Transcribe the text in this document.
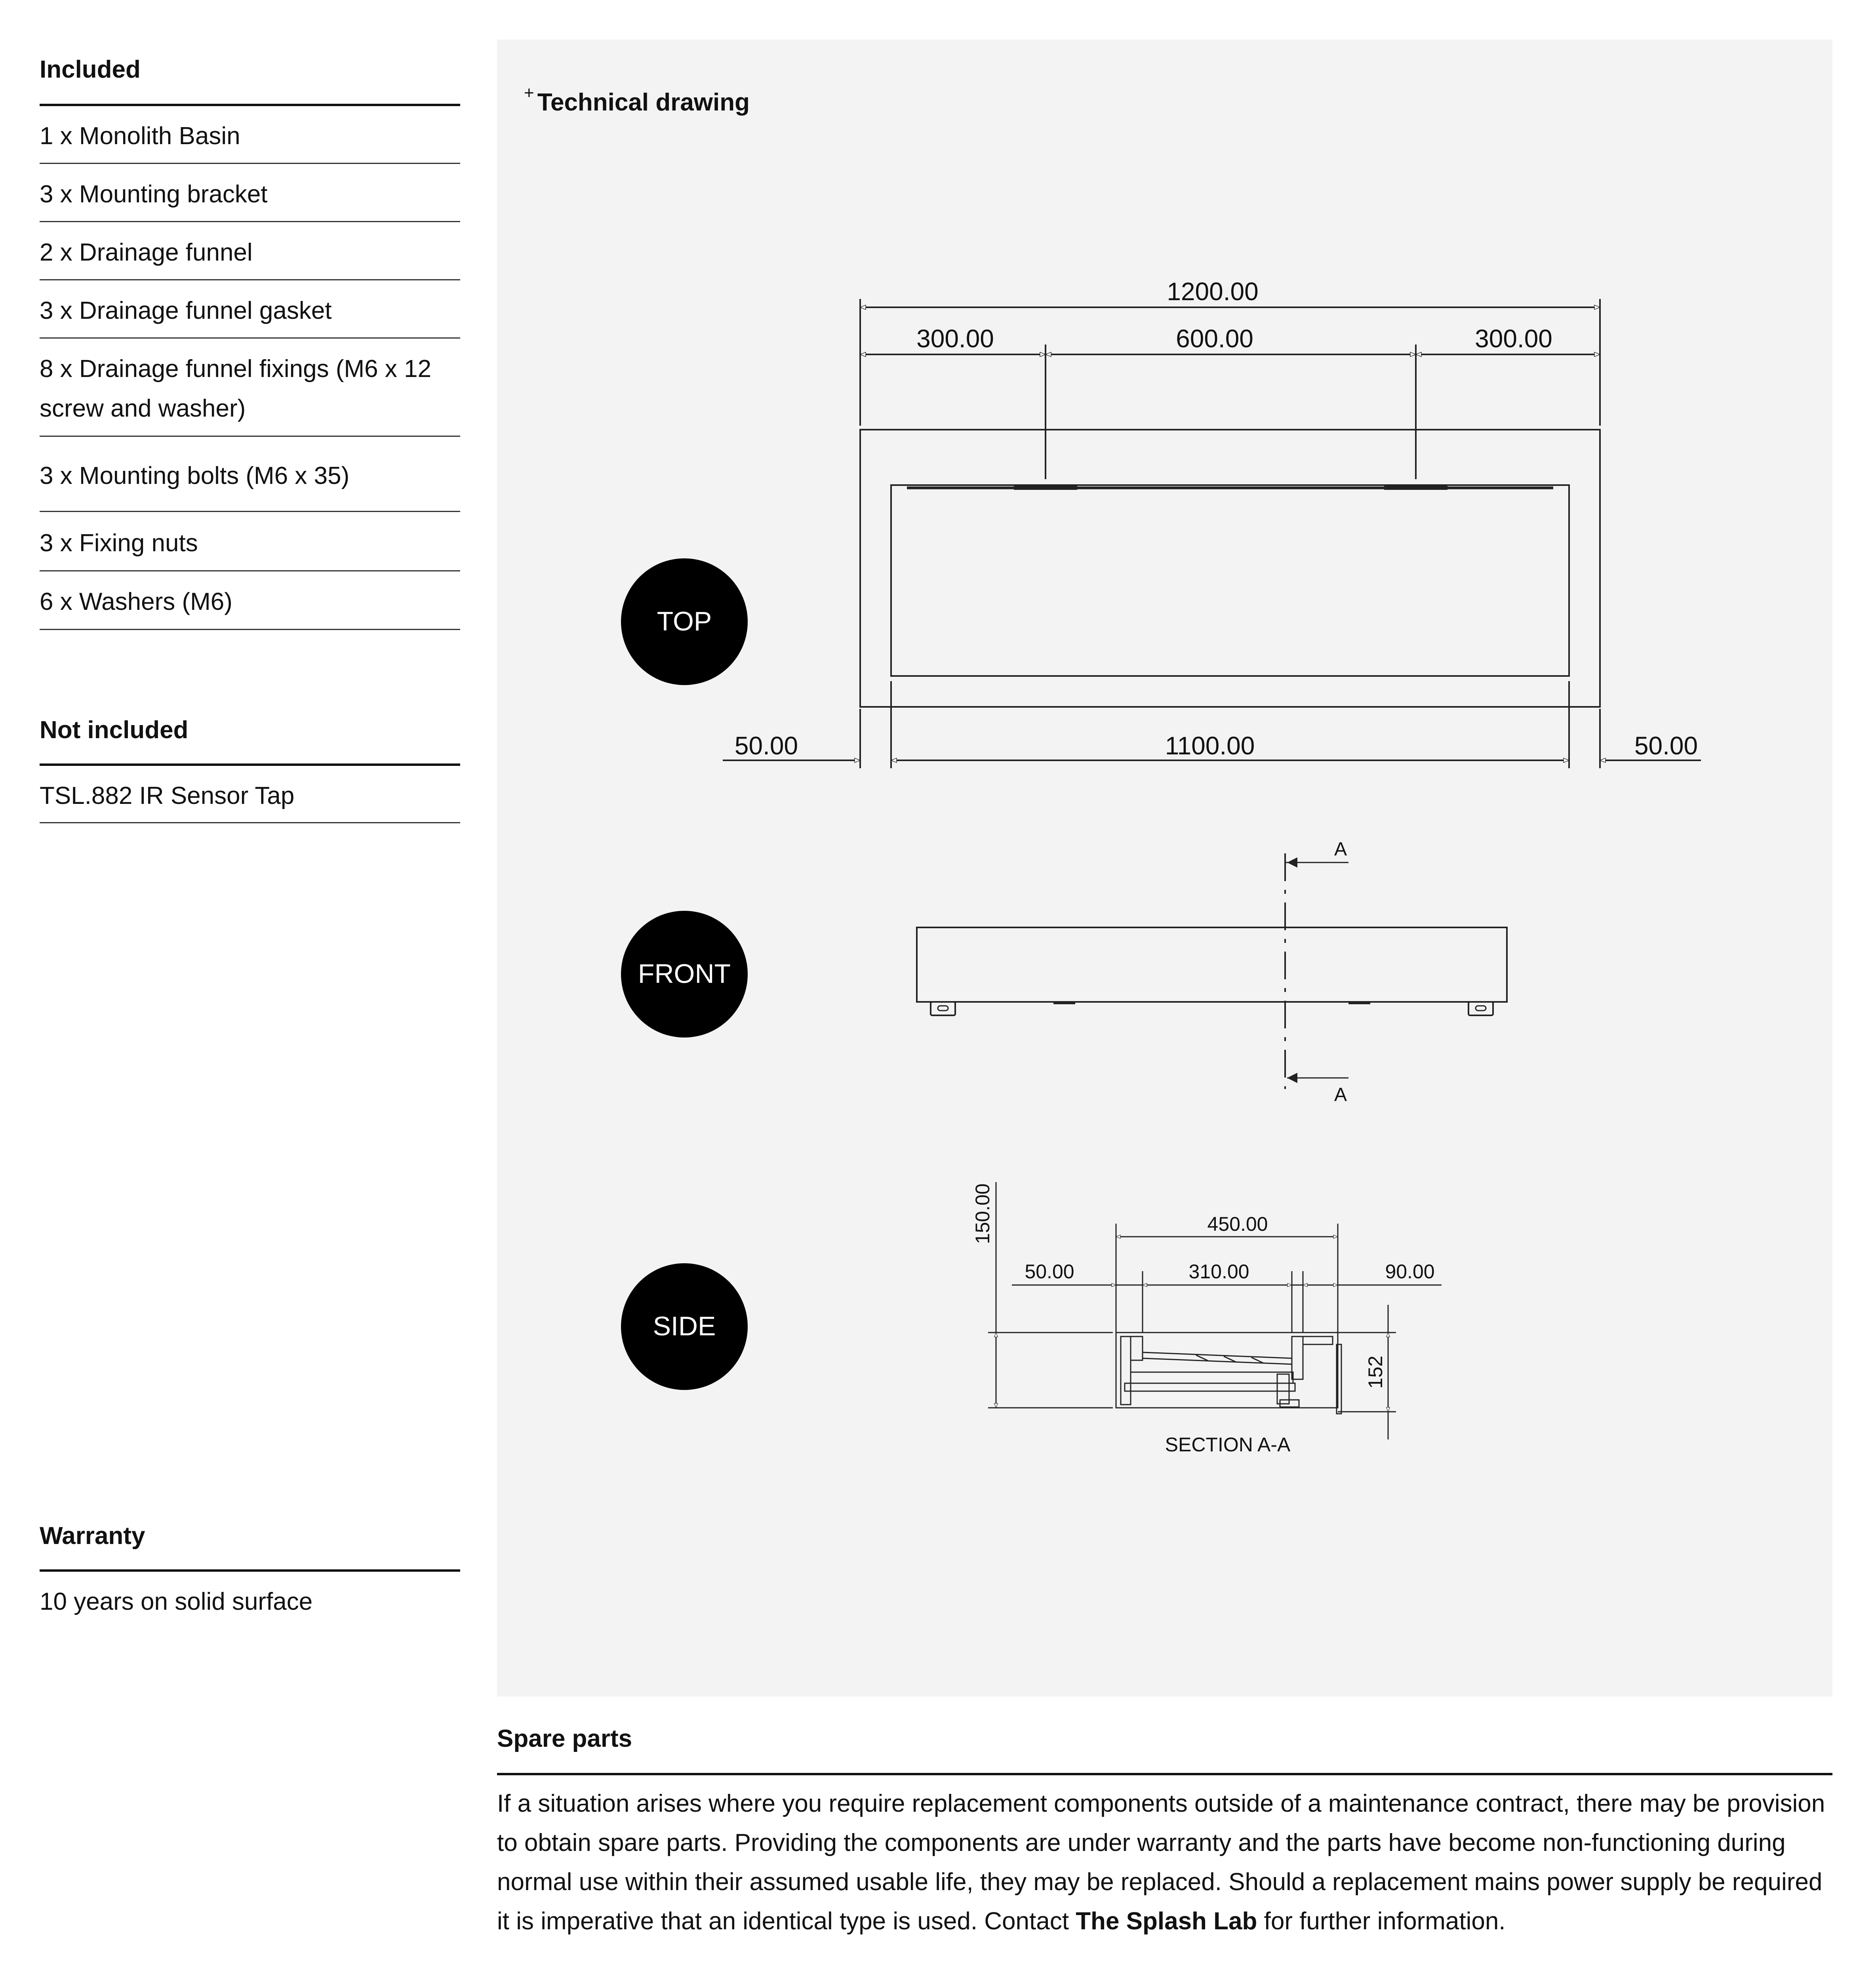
Included
1 x Monolith Basin
3 x Mounting bracket
2 x Drainage funnel
3 x Drainage funnel gasket
8 x Drainage funnel fixings (M6 x 12
screw and washer)
3 x Mounting bolts (M6 x 35)
3 x Fixing nuts
6 x Washers (M6)
Not included
TSL.882 IR Sensor Tap
Warranty
10 years on solid surface
+ Technical drawing
TOP
FRONT
SIDE
1200.00
300.00	600.00	300.00
1100.00
50.00	50.00
A
A
150.00	450.00
50.00	310.00	90.00
152
SECTION A-A
Spare parts
If a situation arises where you require replacement components outside of a maintenance contract, there may be provision to obtain spare parts. Providing the components are under warranty and the parts have become non-functioning during normal use within their assumed usable life, they may be replaced. Should a replacement mains power supply be required it is imperative that an identical type is used. Contact The Splash Lab for further information.
